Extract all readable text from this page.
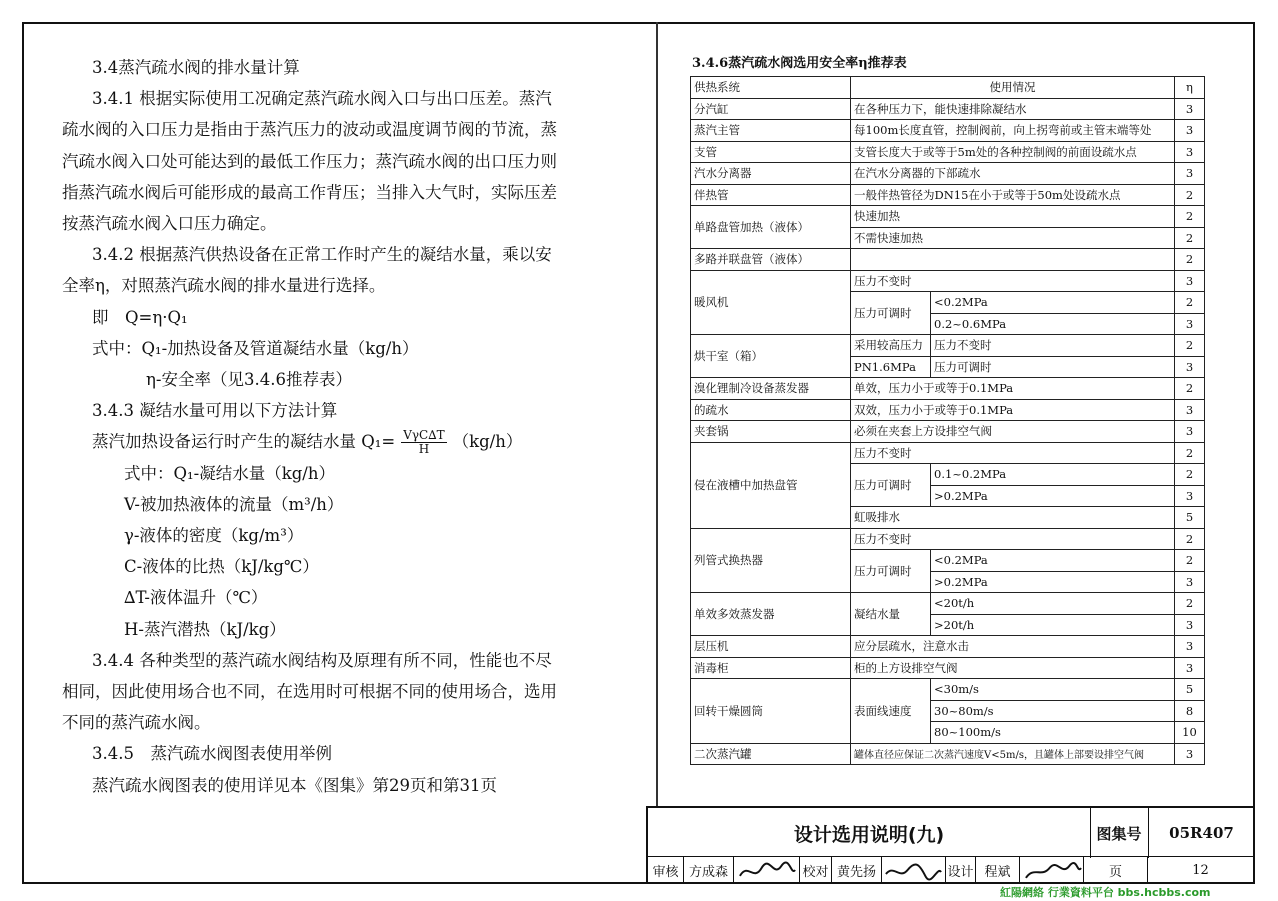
3.4蒸汽疏水阀的排水量计算

3.4.1 根据实际使用工况确定蒸汽疏水阀入口与出口压差。蒸汽

疏水阀的入口压力是指由于蒸汽压力的波动或温度调节阀的节流，蒸

汽疏水阀入口处可能达到的最低工作压力；蒸汽疏水阀的出口压力则

指蒸汽疏水阀后可能形成的最高工作背压；当排入大气时，实际压差

按蒸汽疏水阀入口压力确定。

3.4.2 根据蒸汽供热设备在正常工作时产生的凝结水量，乘以安

全率η，对照蒸汽疏水阀的排水量进行选择。

即　Q=η·Q₁

式中：Q₁-加热设备及管道凝结水量（kg/h）

η-安全率（见3.4.6推荐表）

3.4.3 凝结水量可用以下方法计算

蒸汽加热设备运行时产生的凝结水量 $Q_1= \frac{\text{VγC∆T}}{H} (kg/h)$

式中：Q₁-凝结水量（kg/h）

V-被加热液体的流量（m³/h）

γ-液体的密度（kg/m³）

C-液体的比热（kJ/kg℃）

∆T-液体温升（℃）

H-蒸汽潜热（kJ/kg）

3.4.4 各种类型的蒸汽疏水阀结构及原理有所不同，性能也不尽

相同，因此使用场合也不同，在选用时可根据不同的使用场合，选用

不同的蒸汽疏水阀。

3.4.5　蒸汽疏水阀图表使用举例

蒸汽疏水阀图表的使用详见本《图集》第29页和第31页

3.4.6蒸汽疏水阀选用安全率η推荐表
供热系统	使用情况		η
分汽缸	在各种压力下，能快速排除凝结水		3
蒸汽主管	每100m长度直管，控制阀前，向上拐弯前或主管末端等处		3
支管	支管长度大于或等于5m处的各种控制阀的前面设疏水点		3
汽水分离器	在汽水分离器的下部疏水		3
伴热管	一般伴热管径为DN15在小于或等于50m处设疏水点		2
单路盘管加热（液体）	快速加热		2
	不需快速加热		2
多路并联盘管（液体）			2
暖风机	压力不变时		3
	压力可调时	<0.2MPa	2
		0.2~0.6MPa	3
烘干室（箱）	采用较高压力	压力不变时	2
	PN1.6MPa	压力可调时	3
溴化锂制冷设备蒸发器	单效，压力小于或等于0.1MPa		2
的疏水	双效，压力小于或等于0.1MPa		3
夹套锅	必须在夹套上方设排空气阀		3
侵在液槽中加热盘管	压力不变时		2
	压力可调时	0.1~0.2MPa	2
		>0.2MPa	3
	虹吸排水		5
列管式换热器	压力不变时		2
	压力可调时	<0.2MPa	2
		>0.2MPa	3
单效多效蒸发器	凝结水量	<20t/h	2
		>20t/h	3
层压机	应分层疏水，注意水击		3
消毒柜	柜的上方设排空气阀		3
回转干燥圆筒	表面线速度	<30m/s	5
		30~80m/s	8
		80~100m/s	10
二次蒸汽罐	罐体直径应保证二次蒸汽速度V<5m/s，且罐体上部要设排空气阀		3
设计选用说明(九)	图集号	05R407
审核 方成森	校对 黄先扬	设计 程斌	页	12
紅陽網絡 行業資料平台 bbs.hcbbs.com
